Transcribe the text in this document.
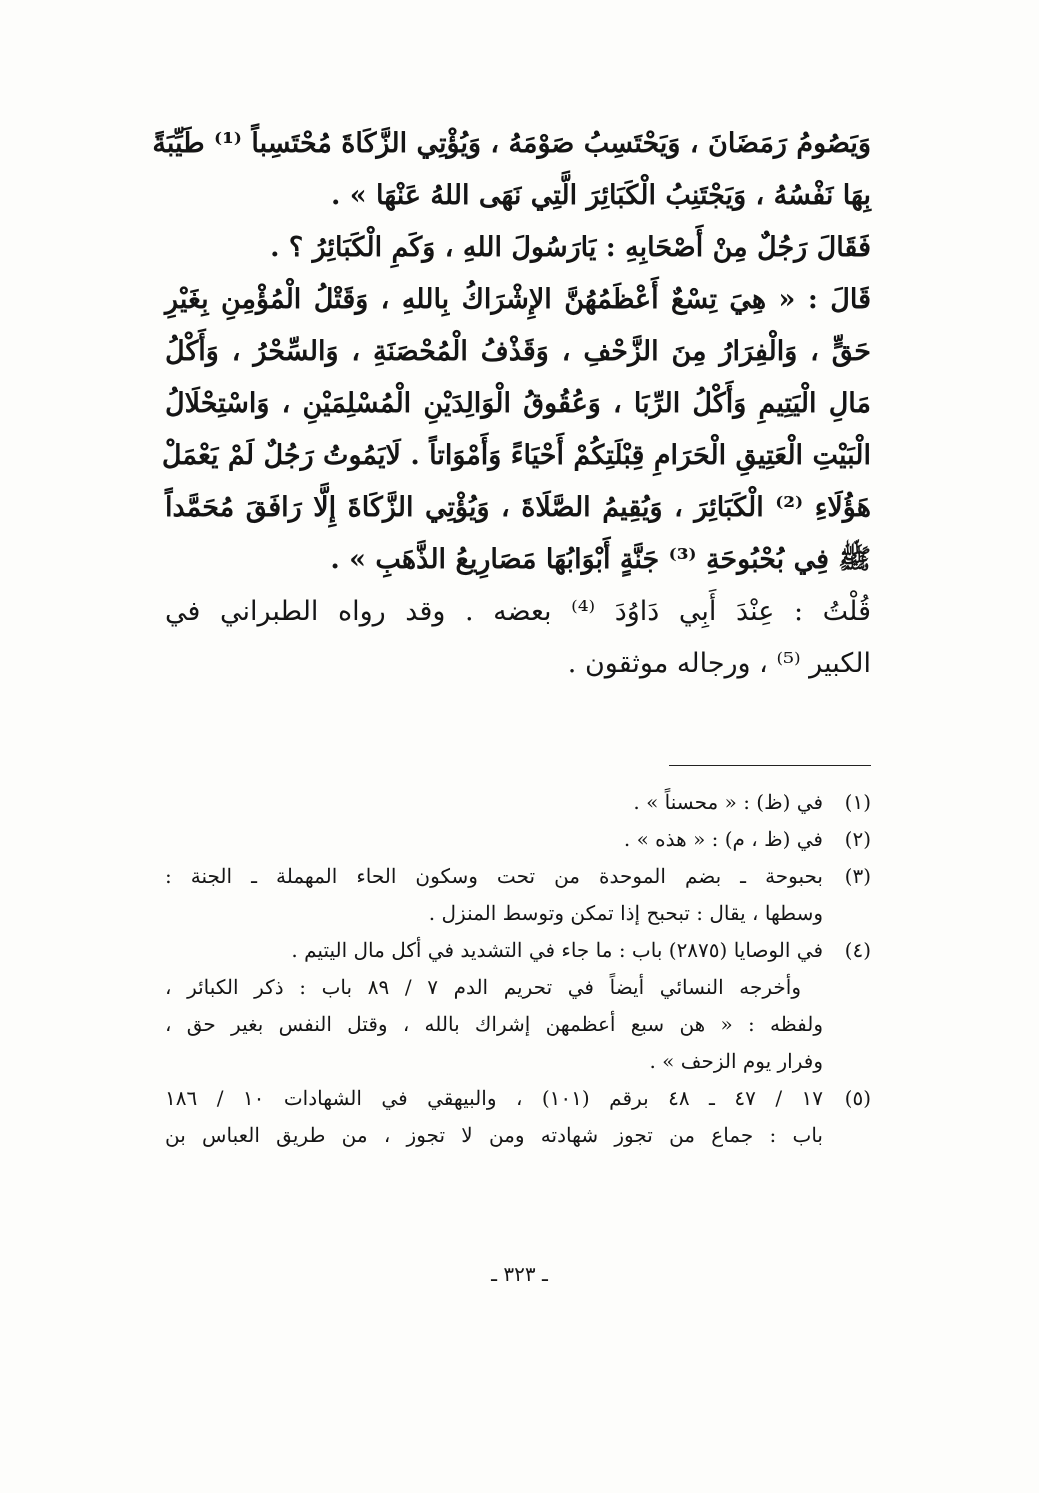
وَيَصُومُ رَمَضَانَ ، وَيَحْتَسِبُ صَوْمَهُ ، وَيُؤْتِي الزَّكَاةَ مُحْتَسِباً ⁽¹⁾ طَيِّبَةً
بِهَا نَفْسُهُ ، وَيَجْتَنِبُ الْكَبَائِرَ الَّتِي نَهَى اللهُ عَنْهَا » .
فَقَالَ رَجُلٌ مِنْ أَصْحَابِهِ : يَارَسُولَ اللهِ ، وَكَمِ الْكَبَائِرُ ؟ .
قَالَ : « هِيَ تِسْعٌ أَعْظَمُهُنَّ الإِشْرَاكُ بِاللهِ ، وَقَتْلُ الْمُؤْمِنِ بِغَيْرِ
حَقٍّ ، وَالْفِرَارُ مِنَ الزَّحْفِ ، وَقَذْفُ الْمُحْصَنَةِ ، وَالسِّحْرُ ، وَأَكْلُ
مَالِ الْيَتِيمِ وَأَكْلُ الرِّبَا ، وَعُقُوقُ الْوَالِدَيْنِ الْمُسْلِمَيْنِ ، وَاسْتِحْلَالُ
الْبَيْتِ الْعَتِيقِ الْحَرَامِ قِبْلَتِكُمْ أَحْيَاءً وَأَمْوَاتاً . لَايَمُوتُ رَجُلٌ لَمْ يَعْمَلْ
هَؤُلَاءِ ⁽²⁾ الْكَبَائِرَ ، وَيُقِيمُ الصَّلَاةَ ، وَيُؤْتِي الزَّكَاةَ إِلَّا رَافَقَ مُحَمَّداً
ﷺ فِي بُحْبُوحَةِ ⁽³⁾ جَنَّةٍ أَبْوَابُهَا مَصَارِيعُ الذَّهَبِ » .
قُلْتُ : عِنْدَ أَبِي دَاوُدَ ⁽⁴⁾ بعضه . وقد رواه الطبراني في
الكبير ⁽⁵⁾ ، ورجاله موثقون .
(١)
في (ظ) : « محسناً » .
(٢)
في (ظ ، م) : « هذه » .
(٣)
بحبوحة ـ بضم الموحدة من تحت وسكون الحاء المهملة ـ الجنة :
وسطها ، يقال : تبحبح إذا تمكن وتوسط المنزل .
(٤)
في الوصايا (٢٨٧٥) باب : ما جاء في التشديد في أكل مال اليتيم .
وأخرجه النسائي أيضاً في تحريم الدم ٧ / ٨٩ باب : ذكر الكبائر ،
ولفظه : « هن سبع أعظمهن إشراك بالله ، وقتل النفس بغير حق ،
وفرار يوم الزحف » .
(٥)
١٧ / ٤٧ ـ ٤٨ برقم (١٠١) ، والبيهقي في الشهادات ١٠ / ١٨٦
باب : جماع من تجوز شهادته ومن لا تجوز ، من طريق العباس بن
ـ ٣٢٣ ـ
